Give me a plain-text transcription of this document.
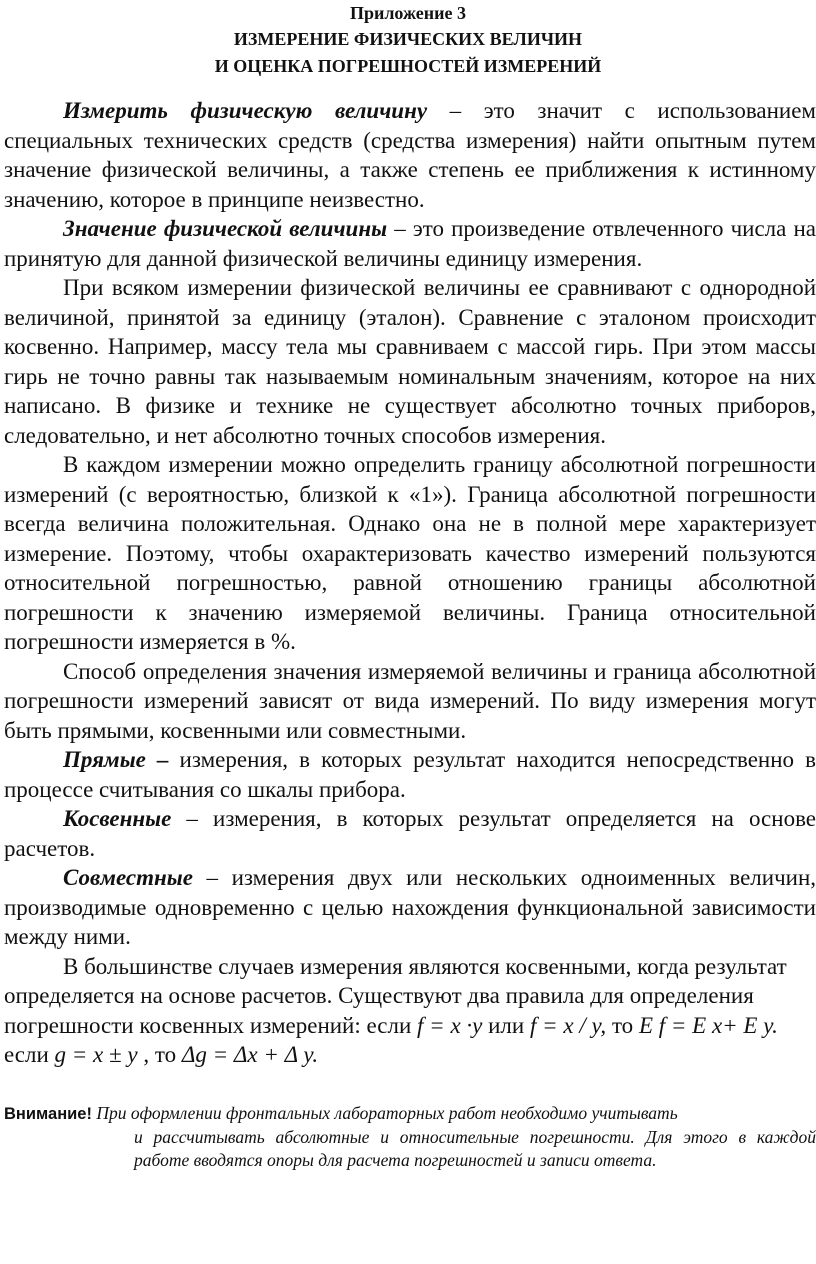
Приложение 3
ИЗМЕРЕНИЕ ФИЗИЧЕСКИХ ВЕЛИЧИН
И ОЦЕНКА ПОГРЕШНОСТЕЙ ИЗМЕРЕНИЙ

Измерить физическую величину – это значит с использованием специальных технических средств (средства измерения) найти опытным путем значение физической величины, а также степень ее приближения к истинному значению, которое в принципе неизвестно.

Значение физической величины – это произведение отвлеченного числа на принятую для данной физической величины единицу измерения.

При всяком измерении физической величины ее сравнивают с однородной величиной, принятой за единицу (эталон). Сравнение с эталоном происходит косвенно. Например, массу тела мы сравниваем с массой гирь. При этом массы гирь не точно равны так называемым номинальным значениям, которое на них написано. В физике и технике не существует абсолютно точных приборов, следовательно, и нет абсолютно точных способов измерения.

В каждом измерении можно определить границу абсолютной погрешности измерений (с вероятностью, близкой к «1»). Граница абсолютной погрешности всегда величина положительная. Однако она не в полной мере характеризует измерение. Поэтому, чтобы охарактеризовать качество измерений пользуются относительной погрешностью, равной отношению границы абсолютной погрешности к значению измеряемой величины. Граница относительной погрешности измеряется в %.

Способ определения значения измеряемой величины и граница абсолютной погрешности измерений зависят от вида измерений. По виду измерения могут быть прямыми, косвенными или совместными.

Прямые – измерения, в которых результат находится непосредственно в процессе считывания со шкалы прибора.

Косвенные – измерения, в которых результат определяется на основе расчетов.

Совместные – измерения двух или нескольких одноименных величин, производимые одновременно с целью нахождения функциональной зависимости между ними.

В большинстве случаев измерения являются косвенными, когда результат определяется на основе расчетов. Существуют два правила для определения погрешности косвенных измерений: если f = x ·y или f = x / y, то E f = E x+ E y. если g = x ± y , то Δg = Δx + Δ y.

Внимание! При оформлении фронтальных лабораторных работ необходимо учитывать
и рассчитывать абсолютные и относительные погрешности. Для этого в каждой работе вводятся опоры для расчета погрешностей и записи ответа.
